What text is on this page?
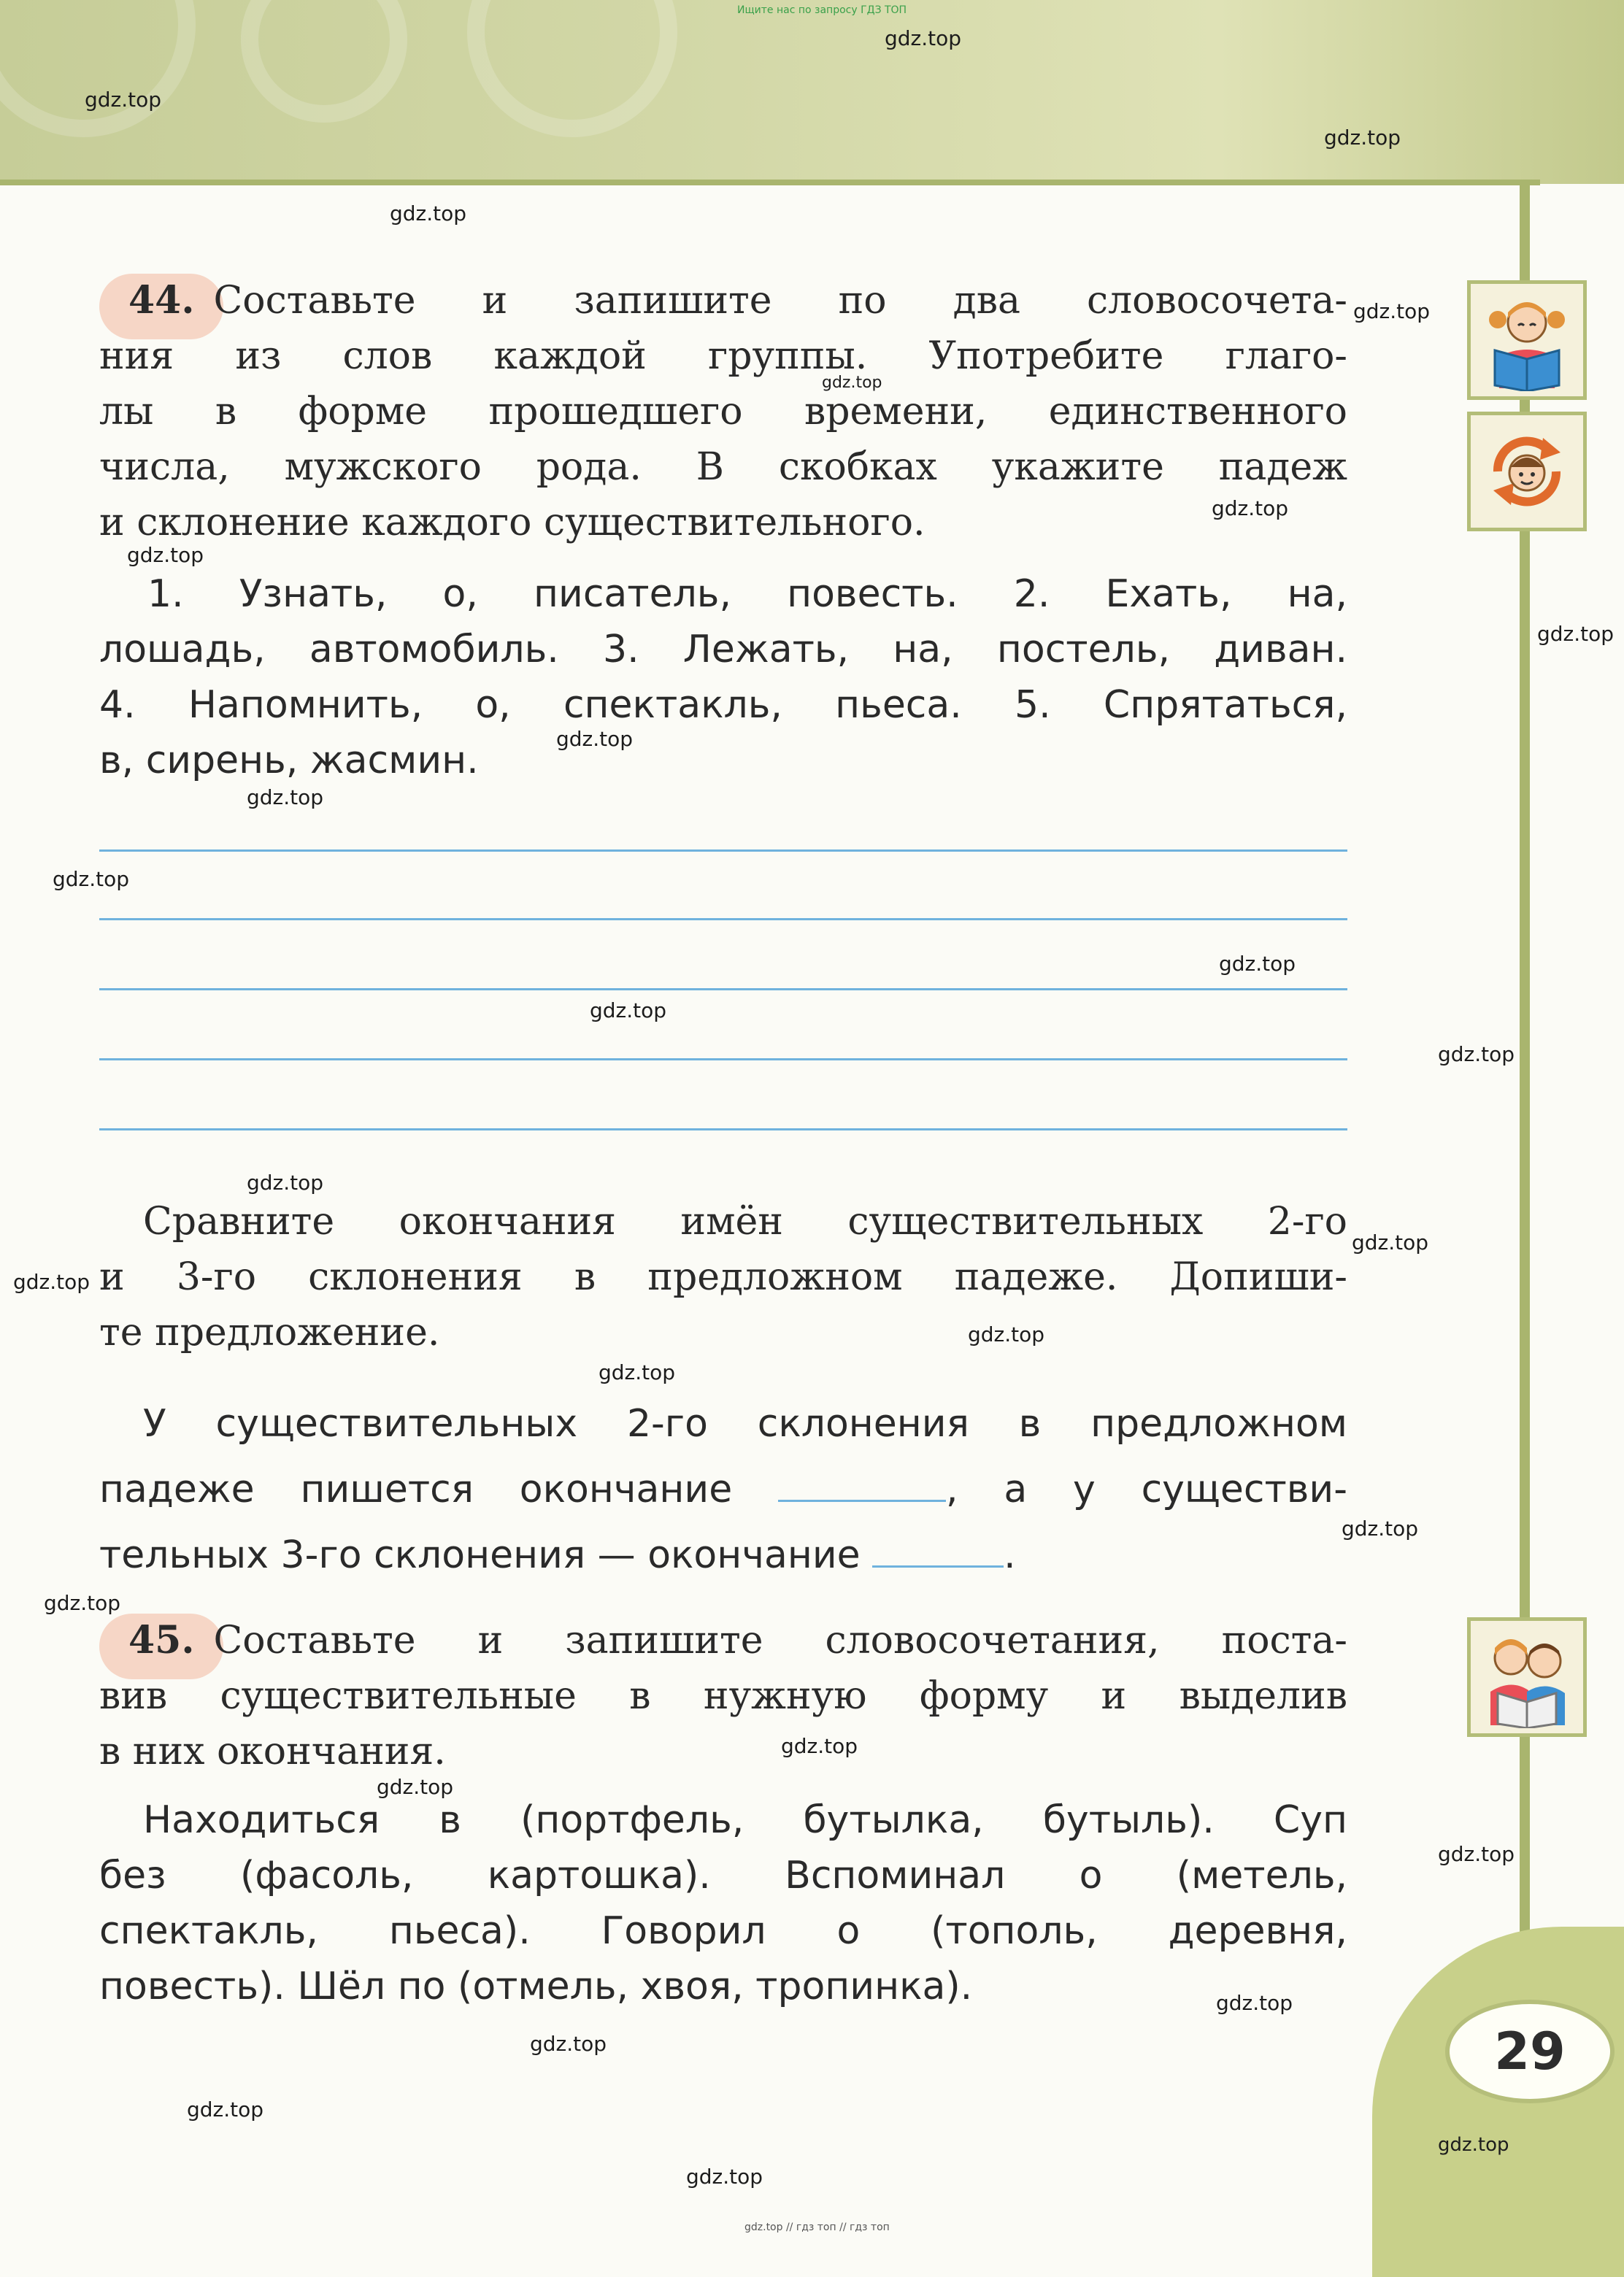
29
Ищите нас по запросу ГДЗ ТОП
gdz.top // гдз топ // гдз топ
gdz.top
gdz.top
gdz.top
gdz.top
gdz.top
gdz.top
gdz.top
gdz.top
gdz.top
gdz.top
gdz.top
gdz.top
gdz.top
gdz.top
gdz.top
gdz.top
gdz.top
gdz.top
gdz.top
gdz.top
gdz.top
gdz.top
gdz.top
gdz.top
gdz.top
gdz.top
gdz.top
gdz.top
gdz.top
gdz.top
44. Составьте и запишите по два словосочета-
ния из слов каждой группы. Употребите глаго-
лы в форме прошедшего времени, единственного
числа, мужского рода. В скобках укажите падеж
и склонение каждого существительного.
1. Узнать, о, писатель, повесть. 2. Ехать, на,
лошадь, автомобиль. 3. Лежать, на, постель, диван.
4. Напомнить, о, спектакль, пьеса. 5. Спрятаться,
в, сирень, жасмин.
Сравните окончания имён существительных 2-го
и 3-го склонения в предложном падеже. Допиши-
те предложение.
У существительных 2-го склонения в предложном
падеже пишется окончание	, а у существи-
тельных 3-го склонения — окончание	.
45. Составьте и запишите словосочетания, поста-
вив существительные в нужную форму и выделив
в них окончания.
Находиться в (портфель, бутылка, бутыль). Суп
без (фасоль, картошка). Вспоминал о (метель,
спектакль, пьеса). Говорил о (тополь, деревня,
повесть). Шёл по (отмель, хвоя, тропинка).
